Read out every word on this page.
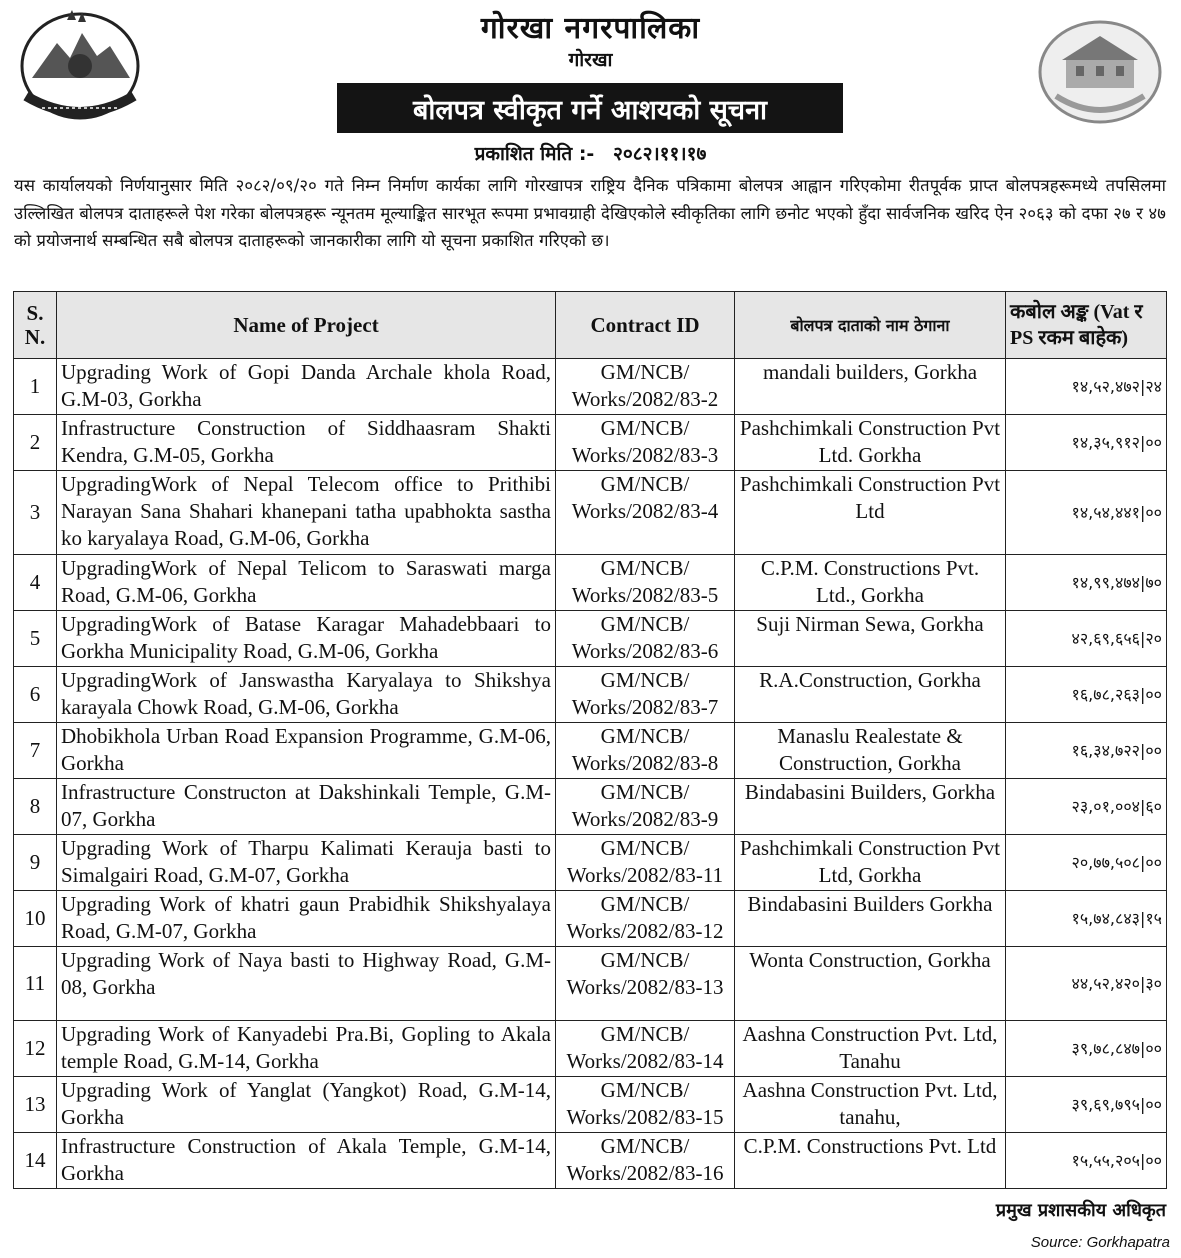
गोरखा नगरपालिका
गोरखा
बोलपत्र स्वीकृत गर्ने आशयको सूचना
प्रकाशित मिति :- २०८२।११।१७
यस कार्यालयको निर्णयानुसार मिति २०८२/०९/२० गते निम्न निर्माण कार्यका लागि गोरखापत्र राष्ट्रिय दैनिक पत्रिकामा बोलपत्र आह्वान गरिएकोमा रीतपूर्वक प्राप्त बोलपत्रहरूमध्ये तपसिलमा उल्लिखित बोलपत्र दाताहरूले पेश गरेका बोलपत्रहरू न्यूनतम मूल्याङ्कित सारभूत रूपमा प्रभावग्राही देखिएकोले स्वीकृतिका लागि छनोट भएको हुँदा सार्वजनिक खरिद ऐन २०६३ को दफा २७ र ४७ को प्रयोजनार्थ सम्बन्धित सबै बोलपत्र दाताहरूको जानकारीका लागि यो सूचना प्रकाशित गरिएको छ।
S. N.	Name of Project	Contract ID	बोलपत्र दाताको नाम ठेगाना	कबोल अङ्क (Vat र PS रकम बाहेक)
1	Upgrading Work of Gopi Danda Archale khola Road, G.M-03, Gorkha	GM/NCB/ Works/2082/83-2	mandali builders, Gorkha	१४,५२,४७२|२४
2	Infrastructure Construction of Siddhaasram Shakti Kendra, G.M-05, Gorkha	GM/NCB/ Works/2082/83-3	Pashchimkali Construction Pvt Ltd. Gorkha	१४,३५,९१२|००
3	UpgradingWork of Nepal Telecom office to Prithibi Narayan Sana Shahari khanepani tatha upabhokta sastha ko karyalaya Road, G.M-06, Gorkha	GM/NCB/ Works/2082/83-4	Pashchimkali Construction Pvt Ltd	१४,५४,४४१|००
4	UpgradingWork of Nepal Telicom to Saraswati marga Road, G.M-06, Gorkha	GM/NCB/ Works/2082/83-5	C.P.M. Constructions Pvt. Ltd., Gorkha	१४,९९,४७४|७०
5	UpgradingWork of Batase Karagar Mahadebbaari to Gorkha Municipality Road, G.M-06, Gorkha	GM/NCB/ Works/2082/83-6	Suji Nirman Sewa, Gorkha	४२,६९,६५६|२०
6	UpgradingWork of Janswastha Karyalaya to Shikshya karayala Chowk Road, G.M-06, Gorkha	GM/NCB/ Works/2082/83-7	R.A.Construction, Gorkha	१६,७८,२६३|००
7	Dhobikhola Urban Road Expansion Programme, G.M-06, Gorkha	GM/NCB/ Works/2082/83-8	Manaslu Realestate & Construction, Gorkha	१६,३४,७२२|००
8	Infrastructure Constructon at Dakshinkali Temple, G.M-07, Gorkha	GM/NCB/ Works/2082/83-9	Bindabasini Builders, Gorkha	२३,०१,००४|६०
9	Upgrading Work of Tharpu Kalimati Kerauja basti to Simalgairi Road, G.M-07, Gorkha	GM/NCB/ Works/2082/83-11	Pashchimkali Construction Pvt Ltd, Gorkha	२०,७७,५०८|००
10	Upgrading Work of khatri gaun Prabidhik Shikshyalaya Road, G.M-07, Gorkha	GM/NCB/ Works/2082/83-12	Bindabasini Builders Gorkha	१५,७४,८४३|१५
11	Upgrading Work of Naya basti to Highway Road, G.M-08, Gorkha	GM/NCB/ Works/2082/83-13	Wonta Construction, Gorkha	४४,५२,४२०|३०
12	Upgrading Work of Kanyadebi Pra.Bi, Gopling to Akala temple Road, G.M-14, Gorkha	GM/NCB/ Works/2082/83-14	Aashna Construction Pvt. Ltd, Tanahu	३९,७८,८४७|००
13	Upgrading Work of Yanglat (Yangkot) Road, G.M-14, Gorkha	GM/NCB/ Works/2082/83-15	Aashna Construction Pvt. Ltd, tanahu,	३९,६९,७९५|००
14	Infrastructure Construction of Akala Temple, G.M-14, Gorkha	GM/NCB/ Works/2082/83-16	C.P.M. Constructions Pvt. Ltd	१५,५५,२०५|००
प्रमुख प्रशासकीय अधिकृत
Source: Gorkhapatra
